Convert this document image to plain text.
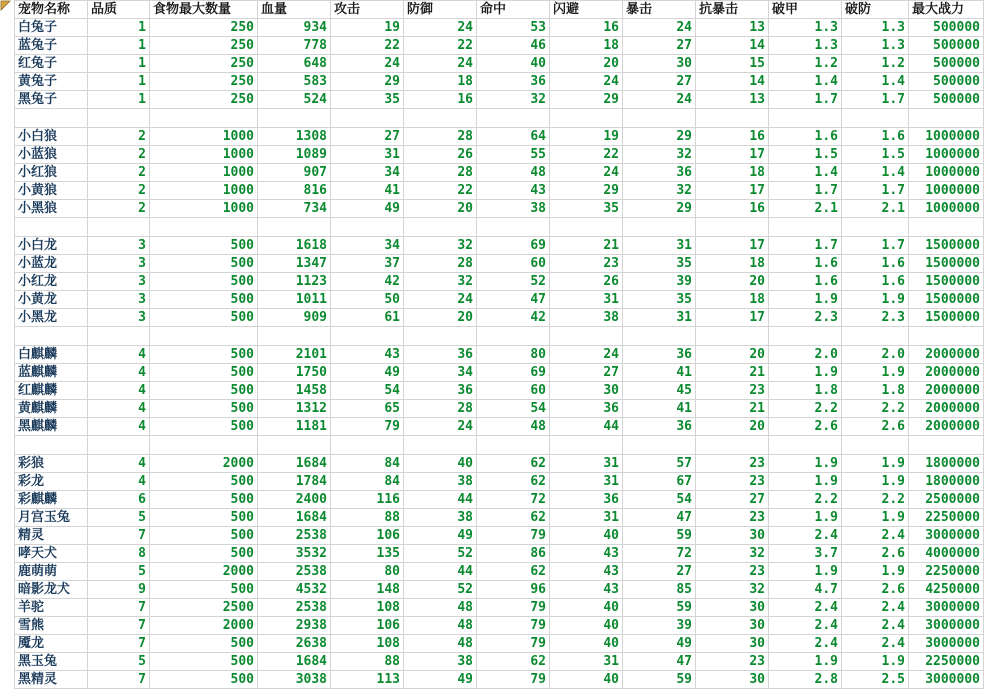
宠物名称	品质	食物最大数量	血量	攻击	防御	命中	闪避	暴击	抗暴击	破甲	破防	最大战力
白兔子	1	250	934	19	24	53	16	24	13	1.3	1.3	500000
蓝兔子	1	250	778	22	22	46	18	27	14	1.3	1.3	500000
红兔子	1	250	648	24	24	40	20	30	15	1.2	1.2	500000
黄兔子	1	250	583	29	18	36	24	27	14	1.4	1.4	500000
黑兔子	1	250	524	35	16	32	29	24	13	1.7	1.7	500000

小白狼	2	1000	1308	27	28	64	19	29	16	1.6	1.6	1000000
小蓝狼	2	1000	1089	31	26	55	22	32	17	1.5	1.5	1000000
小红狼	2	1000	907	34	28	48	24	36	18	1.4	1.4	1000000
小黄狼	2	1000	816	41	22	43	29	32	17	1.7	1.7	1000000
小黑狼	2	1000	734	49	20	38	35	29	16	2.1	2.1	1000000

小白龙	3	500	1618	34	32	69	21	31	17	1.7	1.7	1500000
小蓝龙	3	500	1347	37	28	60	23	35	18	1.6	1.6	1500000
小红龙	3	500	1123	42	32	52	26	39	20	1.6	1.6	1500000
小黄龙	3	500	1011	50	24	47	31	35	18	1.9	1.9	1500000
小黑龙	3	500	909	61	20	42	38	31	17	2.3	2.3	1500000

白麒麟	4	500	2101	43	36	80	24	36	20	2.0	2.0	2000000
蓝麒麟	4	500	1750	49	34	69	27	41	21	1.9	1.9	2000000
红麒麟	4	500	1458	54	36	60	30	45	23	1.8	1.8	2000000
黄麒麟	4	500	1312	65	28	54	36	41	21	2.2	2.2	2000000
黑麒麟	4	500	1181	79	24	48	44	36	20	2.6	2.6	2000000

彩狼	4	2000	1684	84	40	62	31	57	23	1.9	1.9	1800000
彩龙	4	500	1784	84	38	62	31	67	23	1.9	1.9	1800000
彩麒麟	6	500	2400	116	44	72	36	54	27	2.2	2.2	2500000
月宫玉兔	5	500	1684	88	38	62	31	47	23	1.9	1.9	2250000
精灵	7	500	2538	106	49	79	40	59	30	2.4	2.4	3000000
哮天犬	8	500	3532	135	52	86	43	72	32	3.7	2.6	4000000
鹿萌萌	5	2000	2538	80	44	62	43	27	23	1.9	1.9	2250000
暗影龙犬	9	500	4532	148	52	96	43	85	32	4.7	2.6	4250000
羊驼	7	2500	2538	108	48	79	40	59	30	2.4	2.4	3000000
雪熊	7	2000	2938	106	48	79	40	39	30	2.4	2.4	3000000
魇龙	7	500	2638	108	48	79	40	49	30	2.4	2.4	3000000
黑玉兔	5	500	1684	88	38	62	31	47	23	1.9	1.9	2250000
黑精灵	7	500	3038	113	49	79	40	59	30	2.8	2.5	3000000
